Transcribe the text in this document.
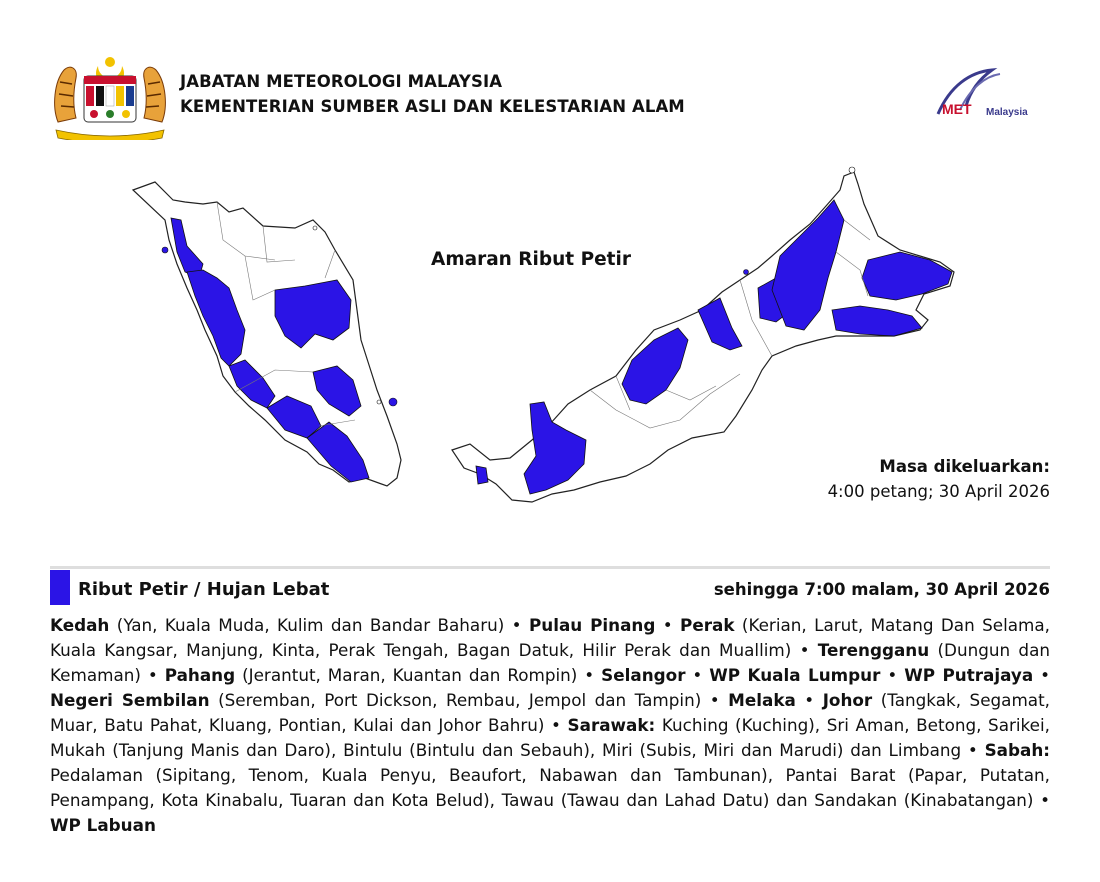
JABATAN METEOROLOGI MALAYSIA
KEMENTERIAN SUMBER ASLI DAN KELESTARIAN ALAM	MET Malaysia
Amaran Ribut Petir
Masa dikeluarkan:
4:00 petang; 30 April 2026
Ribut Petir / Hujan Lebat	sehingga 7:00 malam, 30 April 2026
Kedah (Yan, Kuala Muda, Kulim dan Bandar Baharu) • Pulau Pinang • Perak (Kerian, Larut, Matang Dan Selama, Kuala Kangsar, Manjung, Kinta, Perak Tengah, Bagan Datuk, Hilir Perak dan Muallim) • Terengganu (Dungun dan Kemaman) • Pahang (Jerantut, Maran, Kuantan dan Rompin) • Selangor • WP Kuala Lumpur • WP Putrajaya • Negeri Sembilan (Seremban, Port Dickson, Rembau, Jempol dan Tampin) • Melaka • Johor (Tangkak, Segamat, Muar, Batu Pahat, Kluang, Pontian, Kulai dan Johor Bahru) • Sarawak: Kuching (Kuching), Sri Aman, Betong, Sarikei, Mukah (Tanjung Manis dan Daro), Bintulu (Bintulu dan Sebauh), Miri (Subis, Miri dan Marudi) dan Limbang • Sabah: Pedalaman (Sipitang, Tenom, Kuala Penyu, Beaufort, Nabawan dan Tambunan), Pantai Barat (Papar, Putatan, Penampang, Kota Kinabalu, Tuaran dan Kota Belud), Tawau (Tawau dan Lahad Datu) dan Sandakan (Kinabatangan) • WP Labuan
